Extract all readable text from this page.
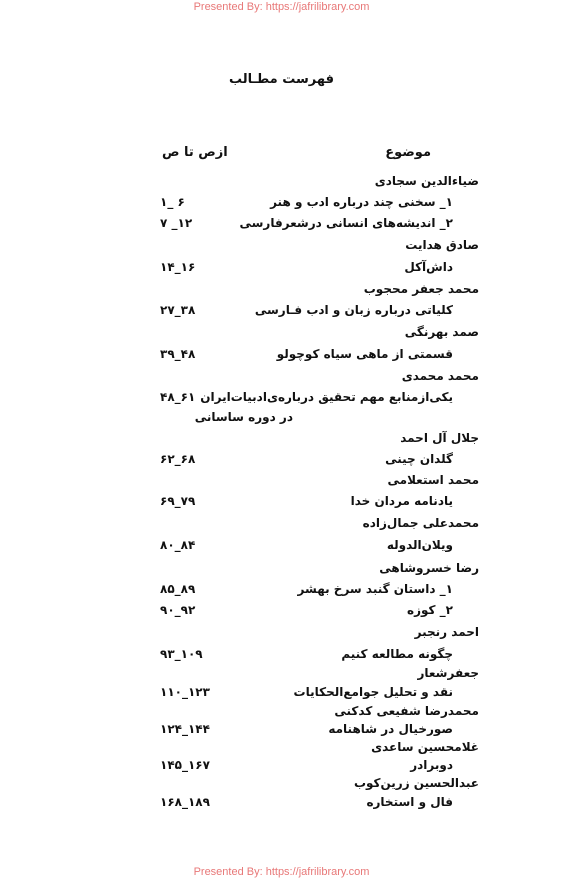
Presented By: https://jafrilibrary.com
فهرست مطـالب
موضوع
ازص تا ص
ضیاء‌الدین سجادی
۱_ سخنی چند درباره ادب و هنر
۱_ ۶
۲_ اندیشه‌های انسانی درشعرفارسی
۷ _۱۲
صادق هدایت
داش‌آکل
۱۴_۱۶
محمد جعفر محجوب
کلیاتی درباره زبان و ادب فـارسی
۲۷_۳۸
صمد بهرنگی
قسمتی از ماهی سیاه کوچولو
۳۹_۴۸
محمد محمدی
یکی‌ازمنابع مهم تحقیق درباره‌ی‌ادبیات‌ایران
۴۸_۶۱
در دوره ساسانی
جلال آل احمد
گلدان چینی
۶۲_۶۸
محمد استعلامی
یادنامه مردان خدا
۶۹_۷۹
محمدعلی جمال‌زاده
ویلان‌الدوله
۸۰_۸۴
رضا خسروشاهی
۱_ داستان گنبد سرخ بهشر
۸۵_۸۹
۲_ کوزه
۹۰_۹۲
احمد رنجبر
چگونه مطالعه کنیم
۹۳_۱۰۹
جعفرشعار
نقد و تحلیل جوامع‌الحکایات
۱۱۰_۱۲۳
محمدرضا شفیعی کدکنی
صورخیال در شاهنامه
۱۲۴_۱۴۴
غلامحسین ساعدی
دوبرادر
۱۴۵_۱۶۷
عبدالحسین زرین‌کوب
فال و استخاره
۱۶۸_۱۸۹
Presented By: https://jafrilibrary.com
